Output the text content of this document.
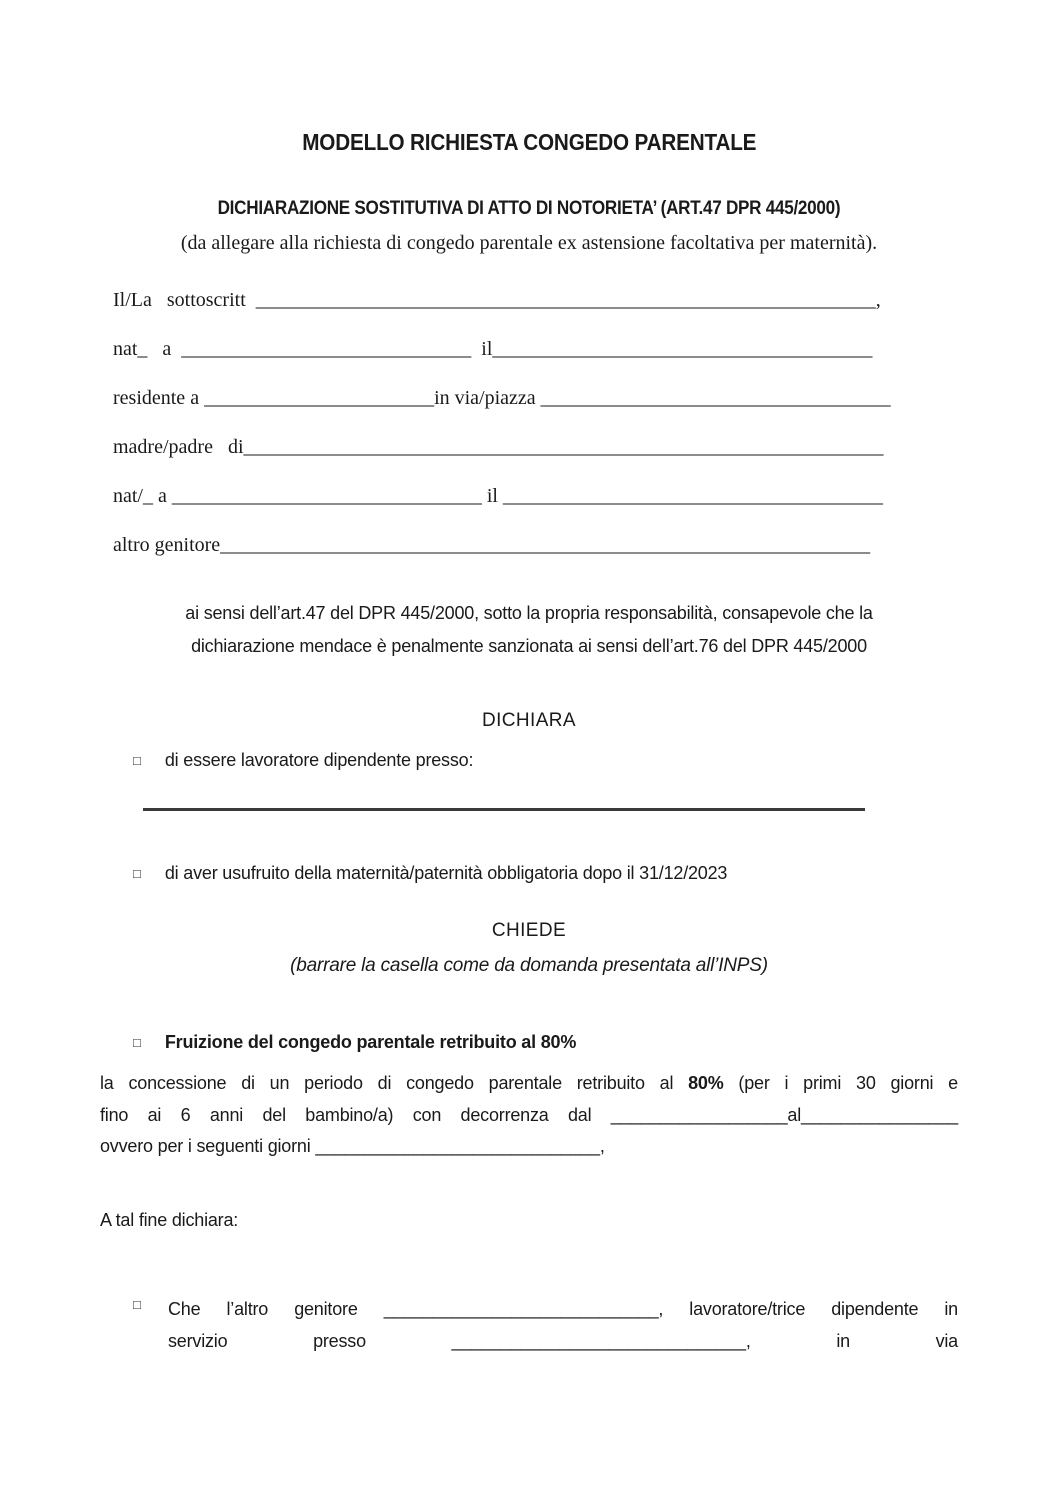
MODELLO RICHIESTA CONGEDO PARENTALE
DICHIARAZIONE SOSTITUTIVA DI ATTO DI NOTORIETA’ (ART.47 DPR 445/2000)
(da allegare alla richiesta di congedo parentale ex astensione facoltativa per maternità).
Il/La   sottoscritt  ______________________________________________________________,
nat_   a  _____________________________  il______________________________________
residente a _______________________in via/piazza ___________________________________
madre/padre   di________________________________________________________________
nat/_ a _______________________________ il ______________________________________
altro genitore_________________________________________________________________
ai sensi dell’art.47 del DPR 445/2000, sotto la propria responsabilità, consapevole che la
dichiarazione mendace è penalmente sanzionata ai sensi dell’art.76 del DPR 445/2000
DICHIARA
□ di essere lavoratore dipendente presso:
□ di aver usufruito della maternità/paternità obbligatoria dopo il 31/12/2023
CHIEDE
(barrare la casella come da domanda presentata all’INPS)
□ Fruizione del congedo parentale retribuito al 80%
la concessione di un periodo di congedo parentale retribuito al 80% (per i primi 30 giorni e
fino ai 6 anni del bambino/a) con decorrenza dal __________________al________________
ovvero per i seguenti giorni _____________________________,
A tal fine dichiara:
$_□$ Che l’altro genitore ____________________________, lavoratore/trice dipendente in
servizio presso ______________________________, in via
